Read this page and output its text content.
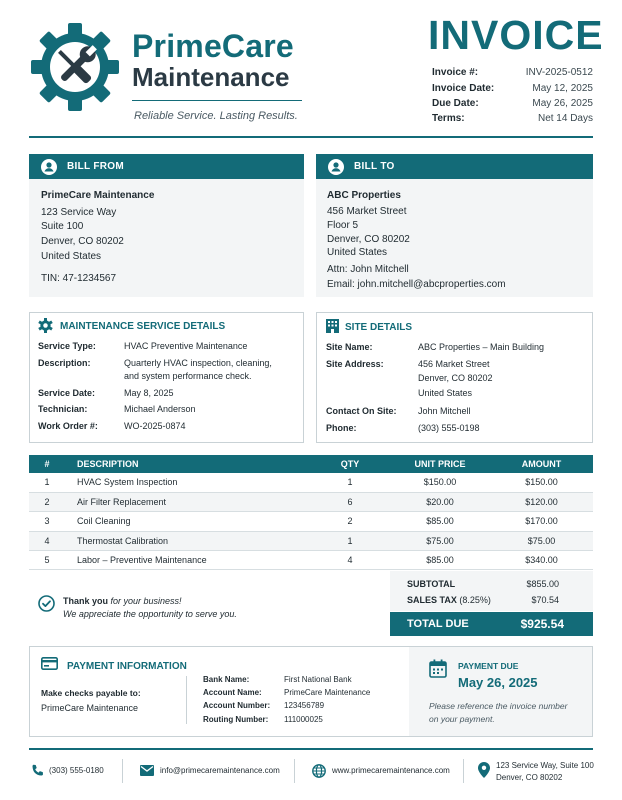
PrimeCare
Maintenance
Reliable Service. Lasting Results.
INVOICE
Invoice #:	INV-2025-0512
Invoice Date:	May 12, 2025
Due Date:	May 26, 2025
Terms:	Net 14 Days
BILL FROM
PrimeCare Maintenance
123 Service Way
Suite 100
Denver, CO 80202
United States
TIN: 47-1234567
BILL TO
ABC Properties
456 Market Street
Floor 5
Denver, CO 80202
United States
Attn: John Mitchell
Email: john.mitchell@abcproperties.com
MAINTENANCE SERVICE DETAILS
Service Type:	HVAC Preventive Maintenance
Description:	Quarterly HVAC inspection, cleaning,
and system performance check.
Service Date:	May 8, 2025
Technician:	Michael Anderson
Work Order #:	WO-2025-0874
SITE DETAILS
Site Name:	ABC Properties – Main Building
Site Address:	456 Market Street
Denver, CO 80202
United States
Contact On Site: John Mitchell
Phone:	(303) 555-0198
#	DESCRIPTION	QTY	UNIT PRICE	AMOUNT
1	HVAC System Inspection	1	$150.00	$150.00
2	Air Filter Replacement	6	$20.00	$120.00
3	Coil Cleaning	2	$85.00	$170.00
4	Thermostat Calibration	1	$75.00	$75.00
5	Labor – Preventive Maintenance	4	$85.00	$340.00
Thank you for your business!
We appreciate the opportunity to serve you.
SUBTOTAL	$855.00
SALES TAX (8.25%)	$70.54
TOTAL DUE	$925.54
PAYMENT INFORMATION
Make checks payable to:
PrimeCare Maintenance
Bank Name:	First National Bank
Account Name:	PrimeCare Maintenance
Account Number: 123456789
Routing Number: 111000025
PAYMENT DUE
May 26, 2025
Please reference the invoice number
on your payment.
(303) 555-0180	info@primecaremaintenance.com	www.primecaremaintenance.com
123 Service Way, Suite 100
Denver, CO 80202
